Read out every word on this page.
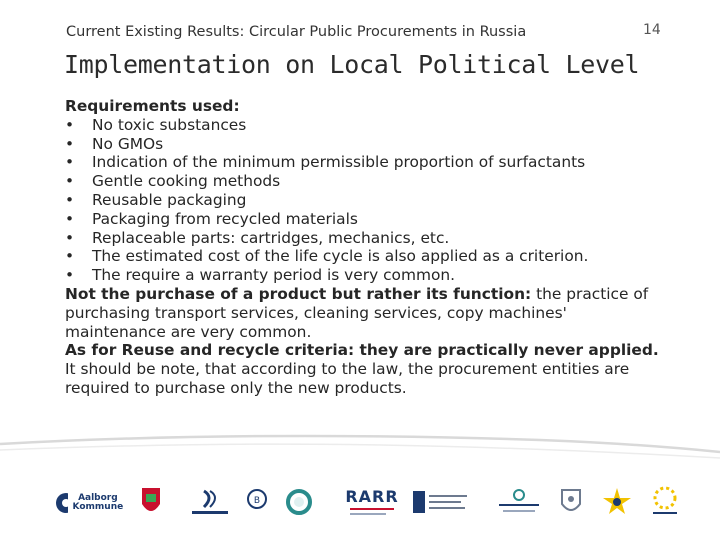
Current Existing Results: Circular Public Procurements in Russia	14
Implementation on Local Political Level
Requirements used:
• No toxic substances
• No GMOs
• Indication of the minimum permissible proportion of surfactants
• Gentle cooking methods
• Reusable packaging
• Packaging from recycled materials
• Replaceable parts: cartridges, mechanics, etc.
• The estimated cost of the life cycle is also applied as a criterion.
• The require a warranty period is very common.

Not the purchase of a product but rather its function: the practice of purchasing transport services, cleaning services, copy machines' maintenance are very common.

As for Reuse and recycle criteria: they are practically never applied. It should be note, that according to the law, the procurement entities are required to purchase only the new products.

Aalborg Kommune
B	RARR
